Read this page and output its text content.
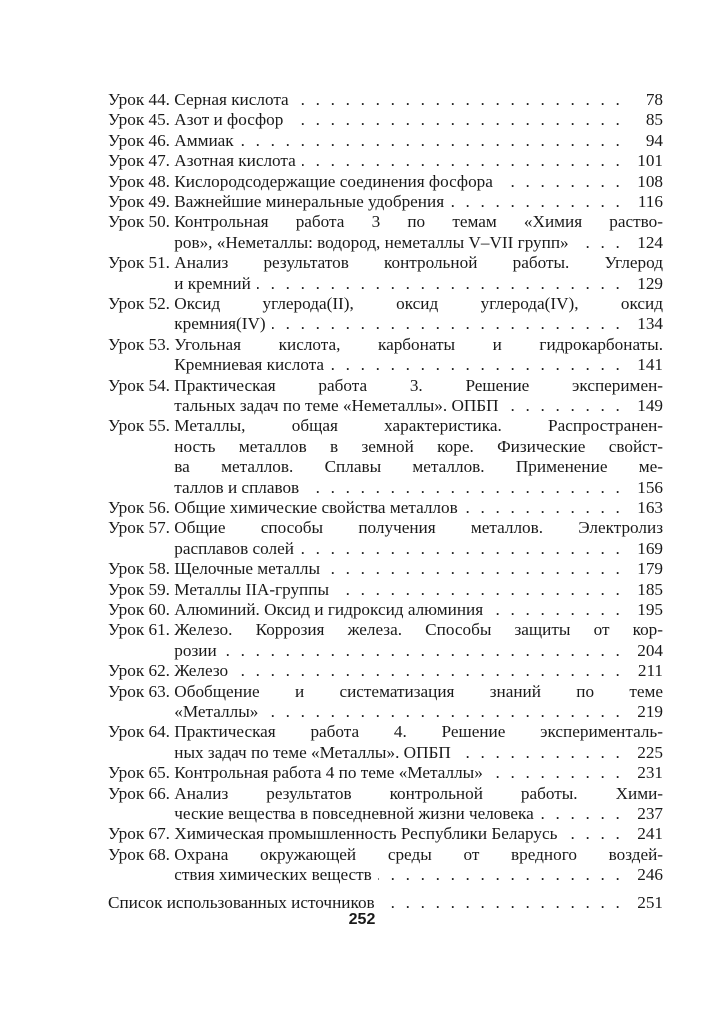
Урок 44. Серная кислота . . .	78
Урок 45. Азот и фосфор . . .	85
Урок 46. Аммиак . . .	94
Урок 47. Азотная кислота . . .	101
Урок 48. Кислородсодержащие соединения фосфора . . .	108
Урок 49. Важнейшие минеральные удобрения . . .	116
Урок 50. Контрольная работа 3 по темам «Химия раство-
ров», «Неметаллы: водород, неметаллы V–VII групп» . . .	124
Урок 51. Анализ результатов контрольной работы. Углерод
и кремний . . .	129
Урок 52. Оксид углерода(II), оксид углерода(IV), оксид
кремния(IV) . . .	134
Урок 53. Угольная кислота, карбонаты и гидрокарбонаты.
Кремниевая кислота . . .	141
Урок 54. Практическая работа 3. Решение эксперимен-
тальных задач по теме «Неметаллы». ОПБП . . .	149
Урок 55. Металлы, общая характеристика. Распространен-
ность металлов в земной коре. Физические свойст-
ва металлов. Сплавы металлов. Применение ме-
таллов и сплавов . . .	156
Урок 56. Общие химические свойства металлов . . .	163
Урок 57. Общие способы получения металлов. Электролиз
расплавов солей . . .	169
Урок 58. Щелочные металлы . . .	179
Урок 59. Металлы IIА-группы . . .	185
Урок 60. Алюминий. Оксид и гидроксид алюминия . . .	195
Урок 61. Железо. Коррозия железа. Способы защиты от кор-
розии . . .	204
Урок 62. Железо . . .	211
Урок 63. Обобщение и систематизация знаний по теме
«Металлы» . . .	219
Урок 64. Практическая работа 4. Решение эксперименталь-
ных задач по теме «Металлы». ОПБП . . .	225
Урок 65. Контрольная работа 4 по теме «Металлы» . . .	231
Урок 66. Анализ результатов контрольной работы. Хими-
ческие вещества в повседневной жизни человека . . .	237
Урок 67. Химическая промышленность Республики Беларусь . . .	241
Урок 68. Охрана окружающей среды от вредного воздей-
ствия химических веществ . . .	246
Список использованных источников . . .	251
252
